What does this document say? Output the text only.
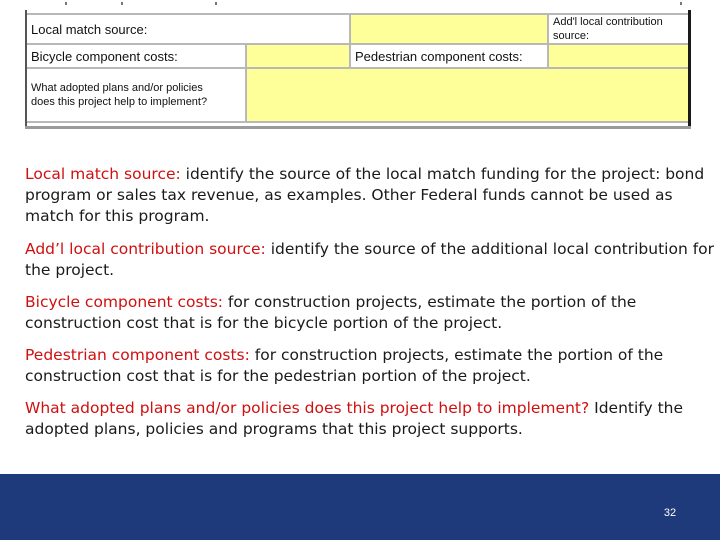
Local match source:			Add'l local contribution
source:
Bicycle component costs:		Pedestrian component costs:	
What adopted plans and/or policies
does this project help to implement?			

Local match source: identify the source of the local match funding for the project: bond program or sales tax revenue, as examples. Other Federal funds cannot be used as match for this program.

Add’l local contribution source: identify the source of the additional local contribution for the project.

Bicycle component costs: for construction projects, estimate the portion of the construction cost that is for the bicycle portion of the project.

Pedestrian component costs: for construction projects, estimate the portion of the construction cost that is for the pedestrian portion of the project.

What adopted plans and/or policies does this project help to implement? Identify the adopted plans, policies and programs that this project supports.

32
